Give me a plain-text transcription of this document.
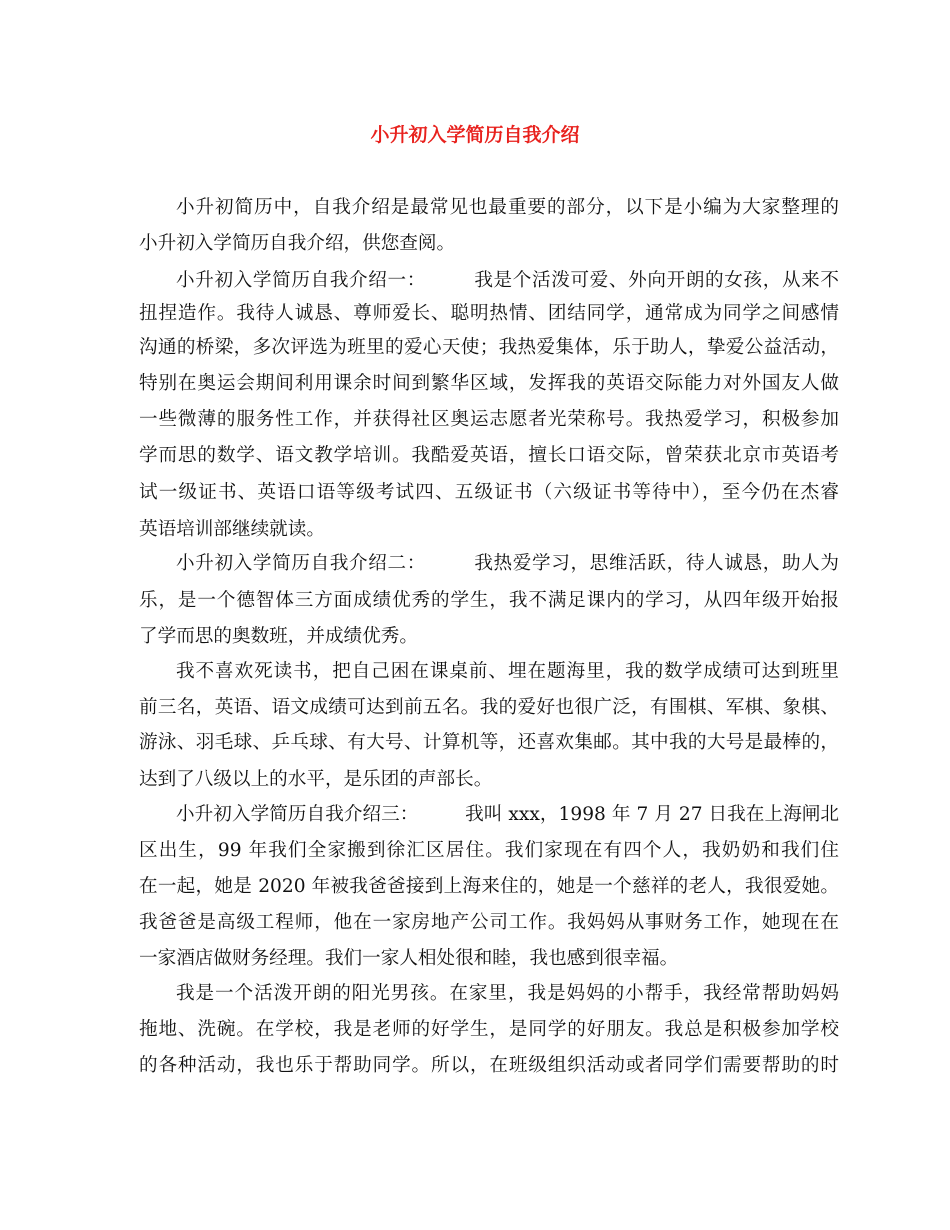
小升初入学简历自我介绍

小升初简历中，自我介绍是最常见也最重要的部分，以下是小编为大家整理的

小升初入学简历自我介绍，供您查阅。

小升初入学简历自我介绍一：　　　我是个活泼可爱、外向开朗的女孩，从来不

扭捏造作。我待人诚恳、尊师爱长、聪明热情、团结同学，通常成为同学之间感情

沟通的桥梁，多次评选为班里的爱心天使；我热爱集体，乐于助人，挚爱公益活动，

特别在奥运会期间利用课余时间到繁华区域，发挥我的英语交际能力对外国友人做

一些微薄的服务性工作，并获得社区奥运志愿者光荣称号。我热爱学习，积极参加

学而思的数学、语文教学培训。我酷爱英语，擅长口语交际，曾荣获北京市英语考

试一级证书、英语口语等级考试四、五级证书（六级证书等待中），至今仍在杰睿

英语培训部继续就读。

小升初入学简历自我介绍二：　　　我热爱学习，思维活跃，待人诚恳，助人为

乐，是一个德智体三方面成绩优秀的学生，我不满足课内的学习，从四年级开始报

了学而思的奥数班，并成绩优秀。

我不喜欢死读书，把自己困在课桌前、埋在题海里，我的数学成绩可达到班里

前三名，英语、语文成绩可达到前五名。我的爱好也很广泛，有围棋、军棋、象棋、

游泳、羽毛球、乒乓球、有大号、计算机等，还喜欢集邮。其中我的大号是最棒的，

达到了八级以上的水平，是乐团的声部长。

小升初入学简历自我介绍三：　　　我叫 xxx，1998 年 7 月 27 日我在上海闸北

区出生，99 年我们全家搬到徐汇区居住。我们家现在有四个人，我奶奶和我们住

在一起，她是 2020 年被我爸爸接到上海来住的，她是一个慈祥的老人，我很爱她。

我爸爸是高级工程师，他在一家房地产公司工作。我妈妈从事财务工作，她现在在

一家酒店做财务经理。我们一家人相处很和睦，我也感到很幸福。

我是一个活泼开朗的阳光男孩。在家里，我是妈妈的小帮手，我经常帮助妈妈

拖地、洗碗。在学校，我是老师的好学生，是同学的好朋友。我总是积极参加学校

的各种活动，我也乐于帮助同学。所以，在班级组织活动或者同学们需要帮助的时
